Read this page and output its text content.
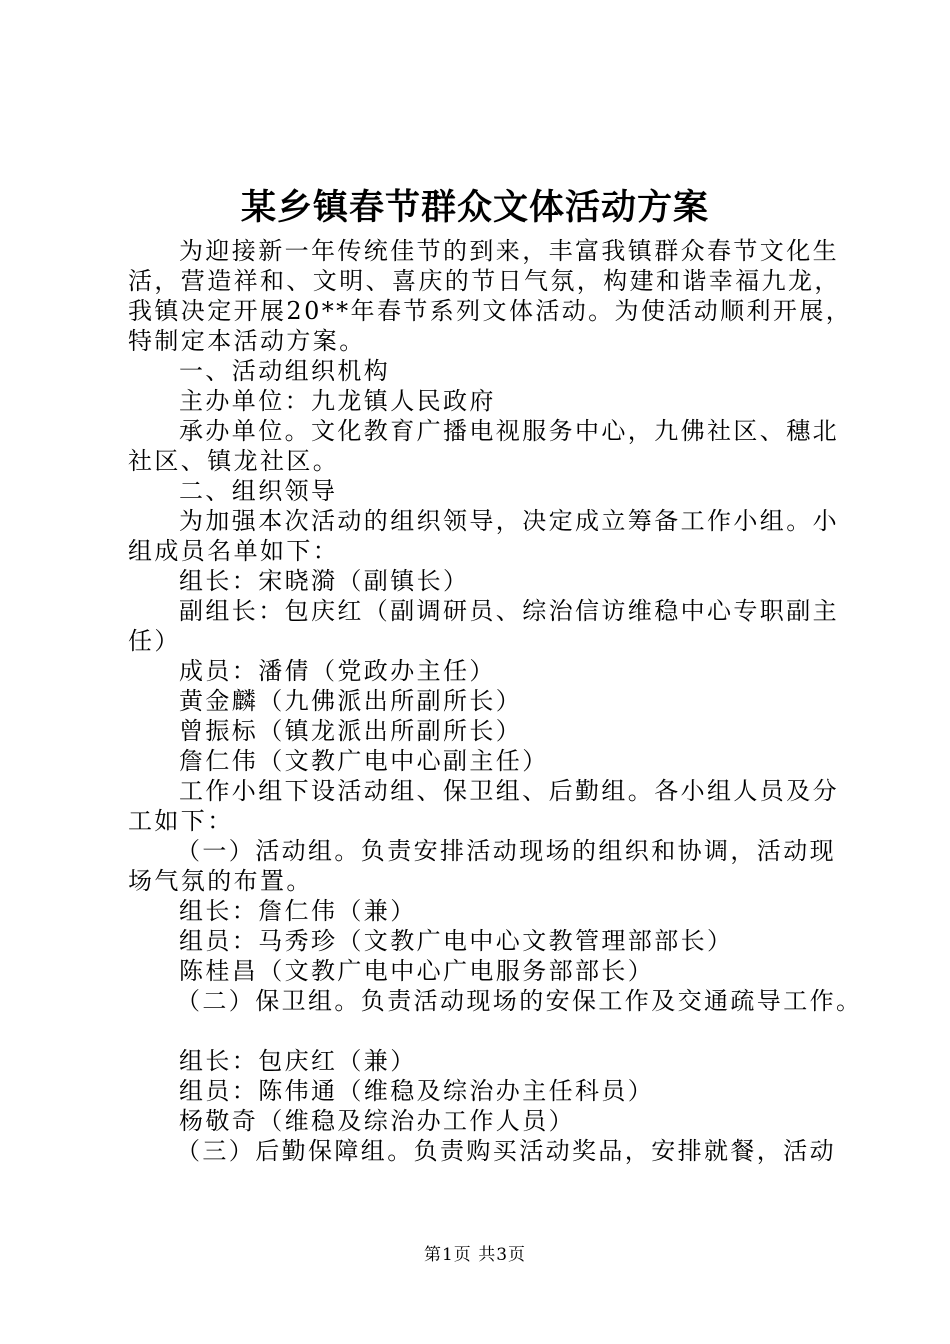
某乡镇春节群众文体活动方案

为迎接新一年传统佳节的到来，丰富我镇群众春节文化生

活，营造祥和、文明、喜庆的节日气氛，构建和谐幸福九龙，

我镇决定开展20**年春节系列文体活动。为使活动顺利开展，

特制定本活动方案。

一、活动组织机构

主办单位：九龙镇人民政府

承办单位。文化教育广播电视服务中心，九佛社区、穗北

社区、镇龙社区。

二、组织领导

为加强本次活动的组织领导，决定成立筹备工作小组。小

组成员名单如下：

组长：宋晓漪（副镇长）

副组长：包庆红（副调研员、综治信访维稳中心专职副主

任）

成员：潘倩（党政办主任）

黄金麟（九佛派出所副所长）

曾振标（镇龙派出所副所长）

詹仁伟（文教广电中心副主任）

工作小组下设活动组、保卫组、后勤组。各小组人员及分

工如下：

（一）活动组。负责安排活动现场的组织和协调，活动现

场气氛的布置。

组长：詹仁伟（兼）

组员：马秀珍（文教广电中心文教管理部部长）

陈桂昌（文教广电中心广电服务部部长）

（二）保卫组。负责活动现场的安保工作及交通疏导工作。

组长：包庆红（兼）

组员：陈伟通（维稳及综治办主任科员）

杨敬奇（维稳及综治办工作人员）

（三）后勤保障组。负责购买活动奖品，安排就餐，活动

第1页 共3页
